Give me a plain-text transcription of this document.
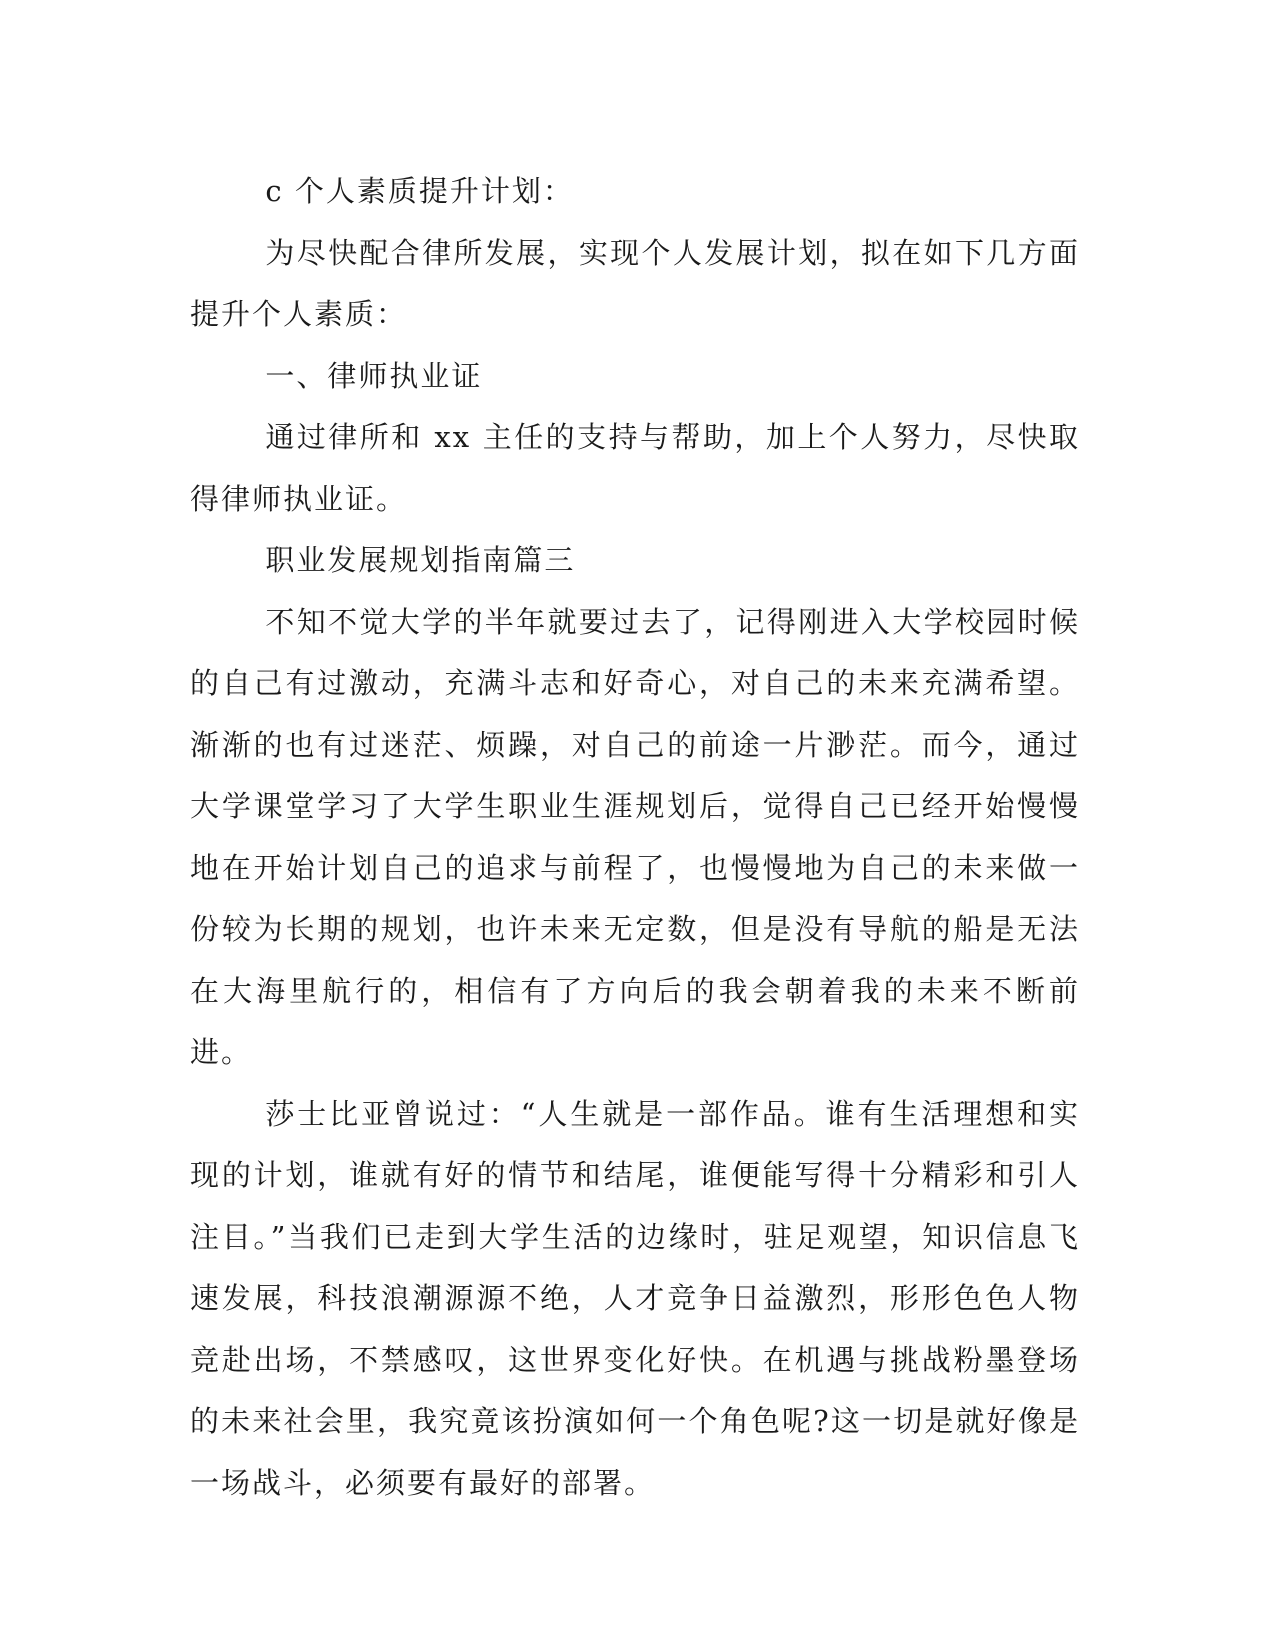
c 个人素质提升计划：

为尽快配合律所发展，实现个人发展计划，拟在如下几方面提升个人素质：

一、律师执业证

通过律所和 xx 主任的支持与帮助，加上个人努力，尽快取得律师执业证。

职业发展规划指南篇三

不知不觉大学的半年就要过去了，记得刚进入大学校园时候的自己有过激动，充满斗志和好奇心，对自己的未来充满希望。渐渐的也有过迷茫、烦躁，对自己的前途一片渺茫。而今，通过大学课堂学习了大学生职业生涯规划后，觉得自己已经开始慢慢地在开始计划自己的追求与前程了，也慢慢地为自己的未来做一份较为长期的规划，也许未来无定数，但是没有导航的船是无法在大海里航行的，相信有了方向后的我会朝着我的未来不断前进。

莎士比亚曾说过：“人生就是一部作品。谁有生活理想和实现的计划，谁就有好的情节和结尾，谁便能写得十分精彩和引人注目。”当我们已走到大学生活的边缘时，驻足观望，知识信息飞速发展，科技浪潮源源不绝，人才竞争日益激烈，形形色色人物竞赴出场，不禁感叹，这世界变化好快。在机遇与挑战粉墨登场的未来社会里，我究竟该扮演如何一个角色呢?这一切是就好像是一场战斗，必须要有最好的部署。
